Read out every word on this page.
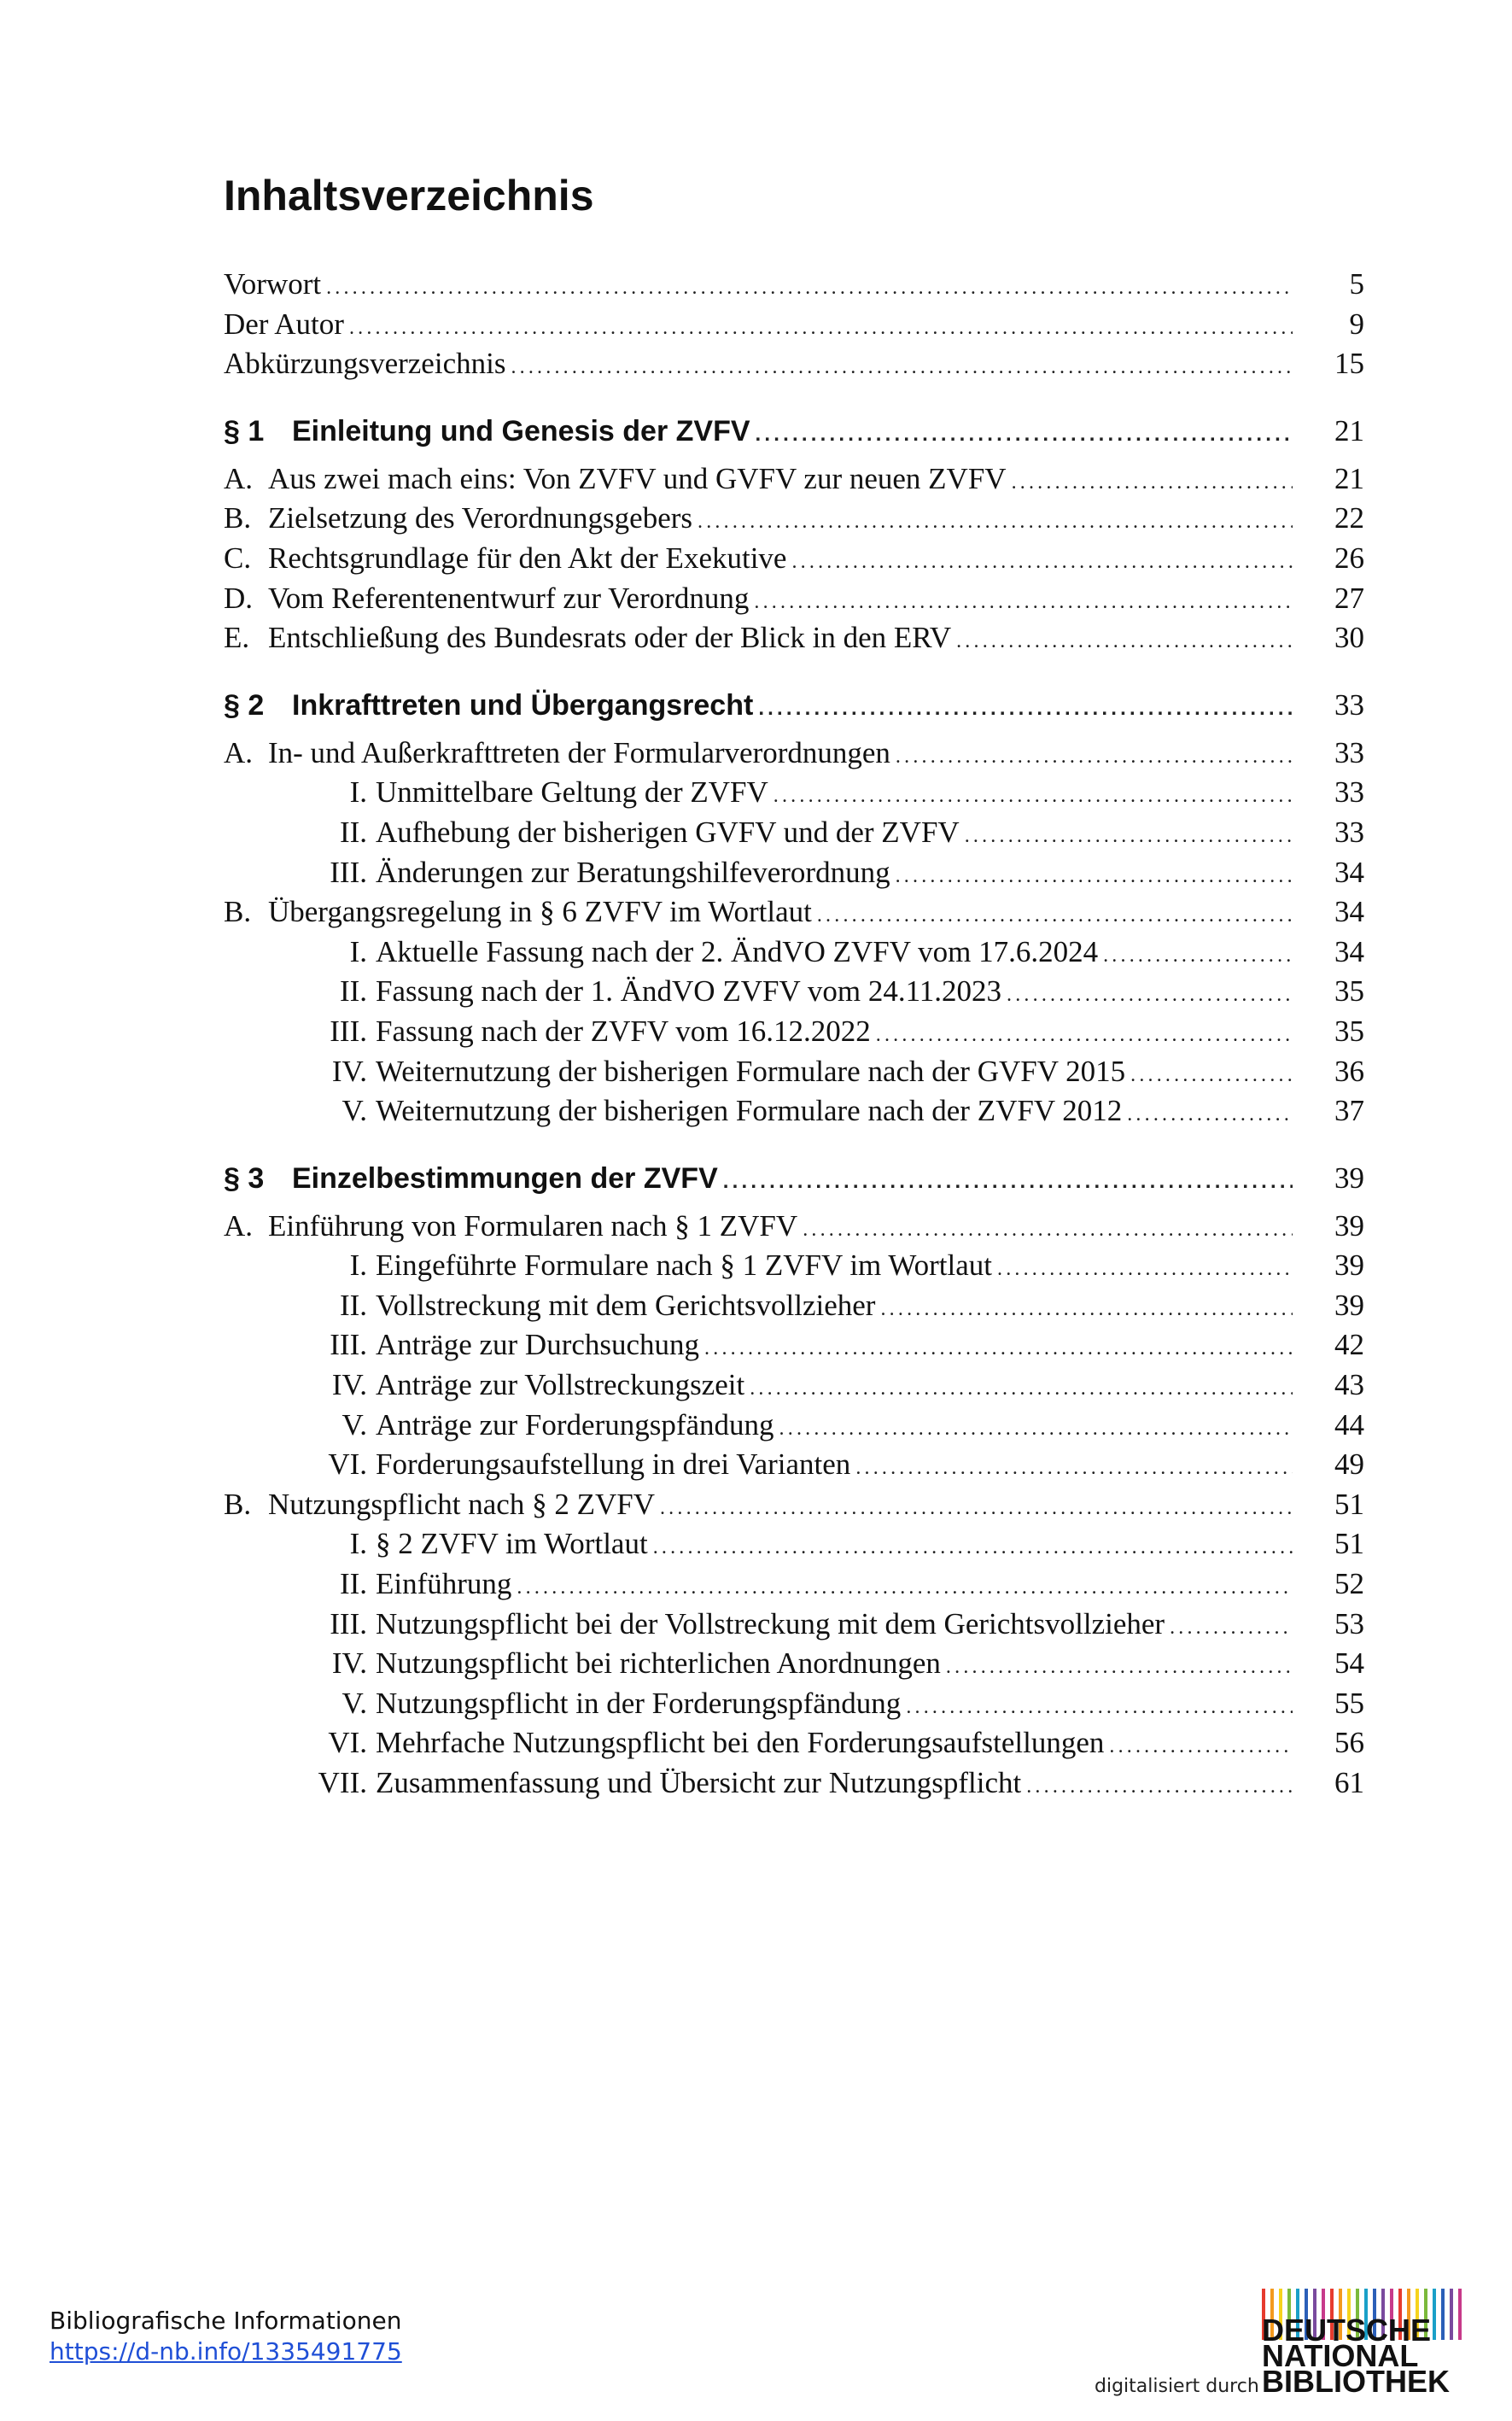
Inhaltsverzeichnis
Vorwort .....	5
Der Autor .....	9
Abkürzungsverzeichnis .....	15
§ 1 Einleitung und Genesis der ZVFV .....	21
A. Aus zwei mach eins: Von ZVFV und GVFV zur neuen ZVFV .....	21
B. Zielsetzung des Verordnungsgebers .....	22
C. Rechtsgrundlage für den Akt der Exekutive .....	26
D. Vom Referentenentwurf zur Verordnung .....	27
E. Entschließung des Bundesrats oder der Blick in den ERV .....	30
§ 2 Inkrafttreten und Übergangsrecht .....	33
A. In- und Außerkrafttreten der Formularverordnungen .....	33
I. Unmittelbare Geltung der ZVFV .....	33
II. Aufhebung der bisherigen GVFV und der ZVFV .....	33
III. Änderungen zur Beratungshilfeverordnung .....	34
B. Übergangsregelung in § 6 ZVFV im Wortlaut .....	34
I. Aktuelle Fassung nach der 2. ÄndVO ZVFV vom 17.6.2024 .....	34
II. Fassung nach der 1. ÄndVO ZVFV vom 24.11.2023 .....	35
III. Fassung nach der ZVFV vom 16.12.2022 .....	35
IV. Weiternutzung der bisherigen Formulare nach der GVFV 2015 .....	36
V. Weiternutzung der bisherigen Formulare nach der ZVFV 2012 .....	37
§ 3 Einzelbestimmungen der ZVFV .....	39
A. Einführung von Formularen nach § 1 ZVFV .....	39
I. Eingeführte Formulare nach § 1 ZVFV im Wortlaut .....	39
II. Vollstreckung mit dem Gerichtsvollzieher .....	39
III. Anträge zur Durchsuchung .....	42
IV. Anträge zur Vollstreckungszeit .....	43
V. Anträge zur Forderungspfändung .....	44
VI. Forderungsaufstellung in drei Varianten .....	49
B. Nutzungspflicht nach § 2 ZVFV .....	51
I. § 2 ZVFV im Wortlaut .....	51
II. Einführung .....	52
III. Nutzungspflicht bei der Vollstreckung mit dem Gerichtsvollzieher .....	53
IV. Nutzungspflicht bei richterlichen Anordnungen .....	54
V. Nutzungspflicht in der Forderungspfändung .....	55
VI. Mehrfache Nutzungspflicht bei den Forderungsaufstellungen .....	56
VII. Zusammenfassung und Übersicht zur Nutzungspflicht .....	61
Bibliografische Informationen
https://d-nb.info/1335491775
digitalisiert durch
DEUTSCHE
NATIONAL
BIBLIOTHEK
